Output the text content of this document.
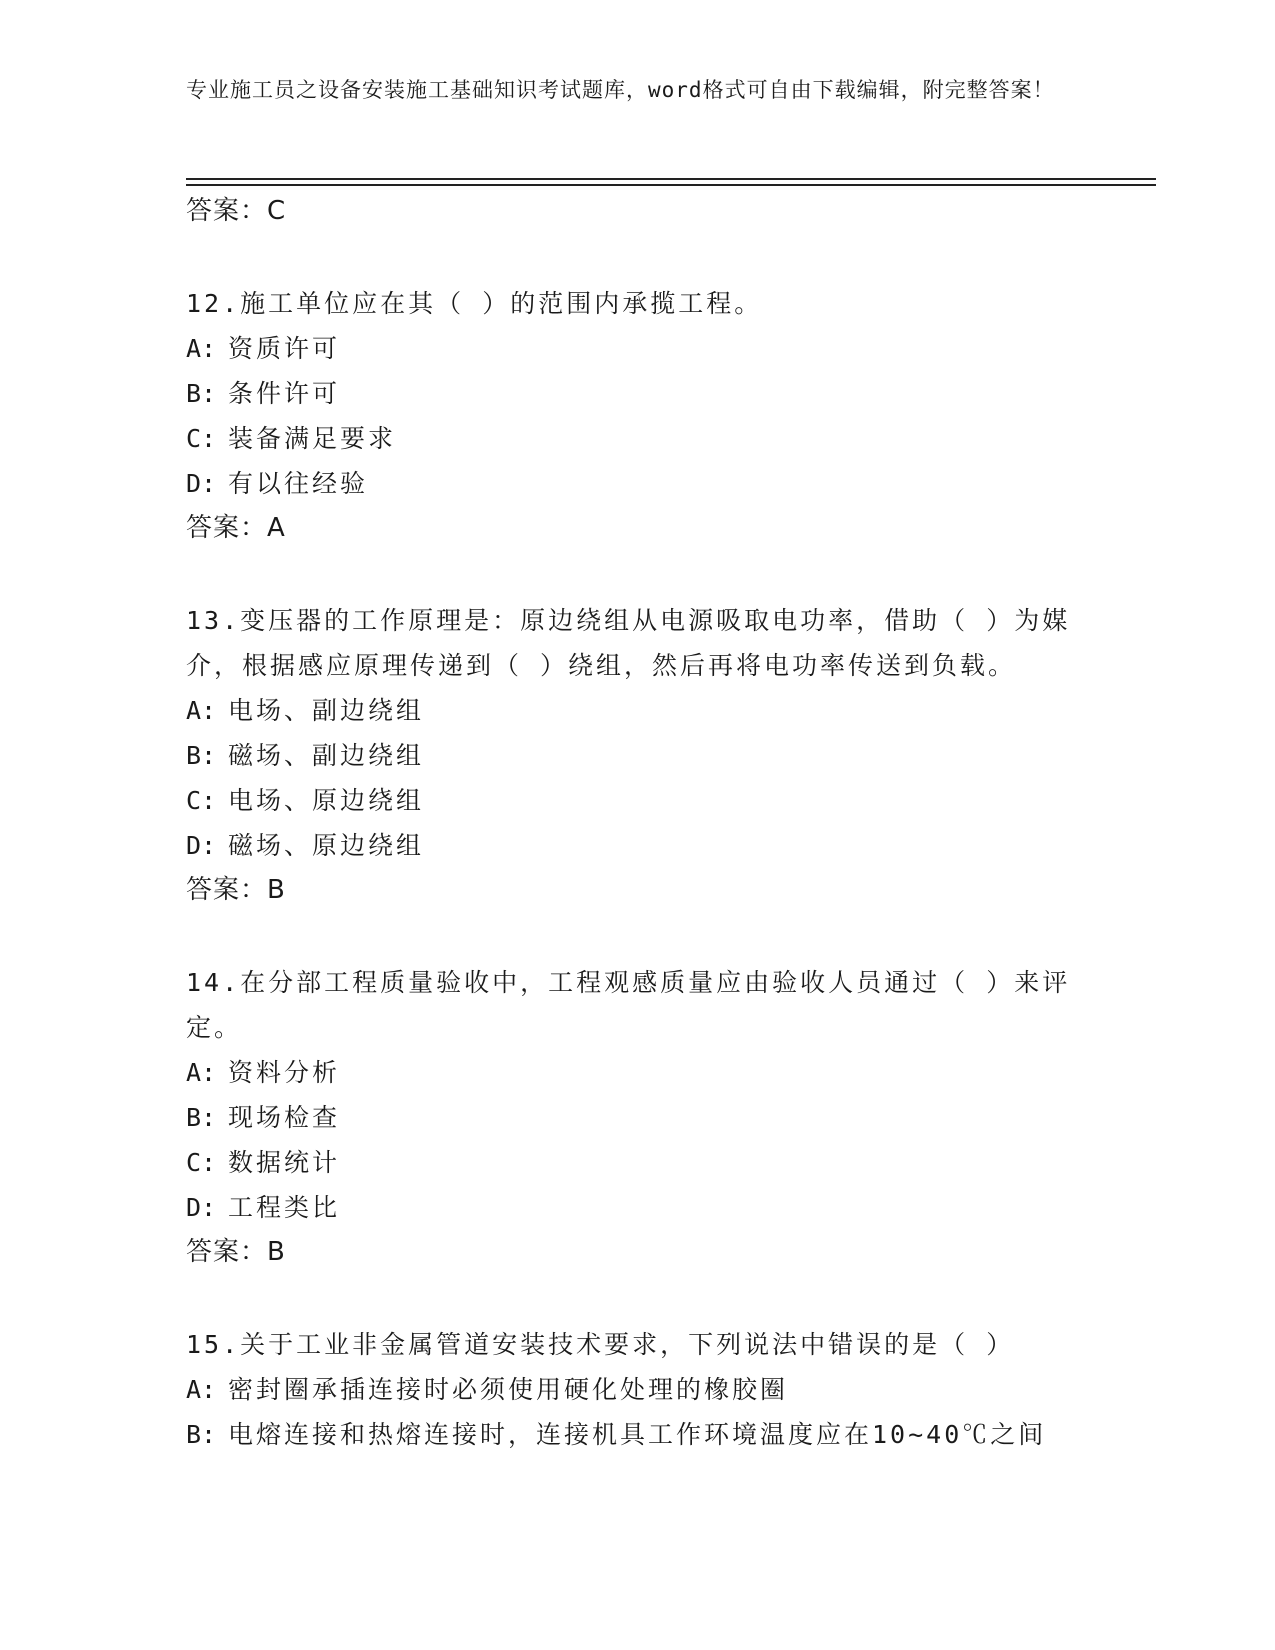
专业施工员之设备安装施工基础知识考试题库，word格式可自由下载编辑，附完整答案！
答案：C
12.施工单位应在其（ ）的范围内承揽工程。
A: 资质许可
B: 条件许可
C: 装备满足要求
D: 有以往经验
答案：A
13.变压器的工作原理是：原边绕组从电源吸取电功率，借助（ ）为媒介，根据感应原理传递到（ ）绕组，然后再将电功率传送到负载。
A: 电场、副边绕组
B: 磁场、副边绕组
C: 电场、原边绕组
D: 磁场、原边绕组
答案：B
14.在分部工程质量验收中，工程观感质量应由验收人员通过（ ）来评定。
A: 资料分析
B: 现场检查
C: 数据统计
D: 工程类比
答案：B
15.关于工业非金属管道安装技术要求，下列说法中错误的是（ ）
A: 密封圈承插连接时必须使用硬化处理的橡胶圈
B: 电熔连接和热熔连接时，连接机具工作环境温度应在10~40℃之间
